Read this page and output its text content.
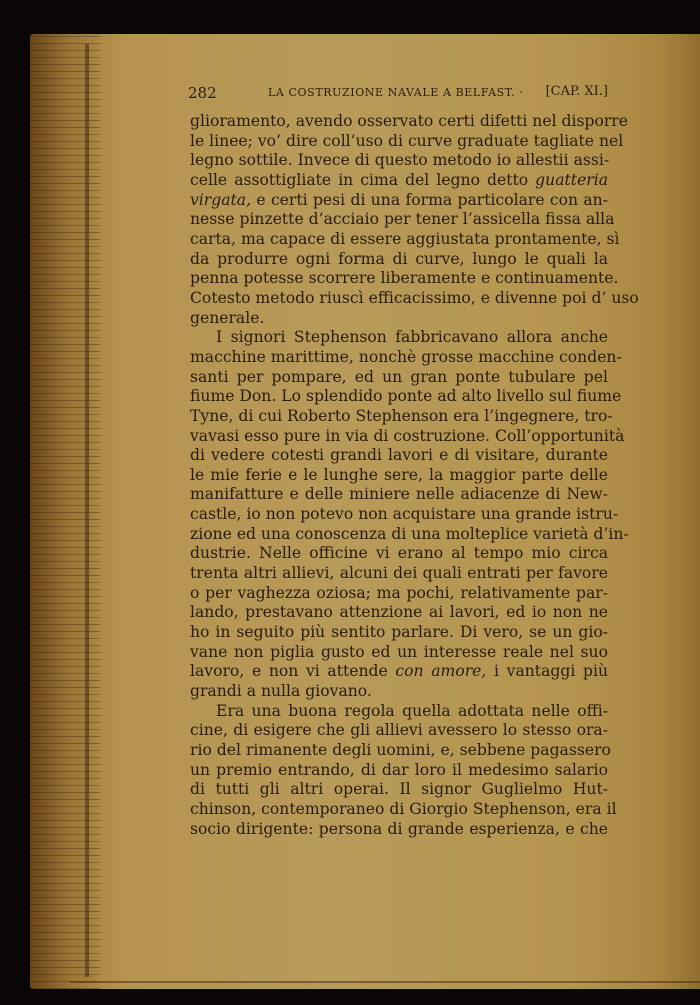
282	LA COSTRUZIONE NAVALE A BELFAST. · [CAP. XI.]
glioramento, avendo osservato certi difetti nel disporre
le linee; vo’ dire coll’uso di curve graduate tagliate nel
legno sottile. Invece di questo metodo io allestii assi-
celle assottigliate in cima del legno detto guatteria
virgata, e certi pesi di una forma particolare con an-
nesse pinzette d’acciaio per tener l’assicella fissa alla
carta, ma capace di essere aggiustata prontamente, sì
da produrre ogni forma di curve, lungo le quali la
penna potesse scorrere liberamente e continuamente.
Cotesto metodo riuscì efficacissimo, e divenne poi d’ uso
generale.
I signori Stephenson fabbricavano allora anche
macchine marittime, nonchè grosse macchine conden-
santi per pompare, ed un gran ponte tubulare pel
fiume Don. Lo splendido ponte ad alto livello sul fiume
Tyne, di cui Roberto Stephenson era l’ingegnere, tro-
vavasi esso pure in via di costruzione. Coll’opportunità
di vedere cotesti grandi lavori e di visitare, durante
le mie ferie e le lunghe sere, la maggior parte delle
manifatture e delle miniere nelle adiacenze di New-
castle, io non potevo non acquistare una grande istru-
zione ed una conoscenza di una molteplice varietà d’in-
dustrie. Nelle officine vi erano al tempo mio circa
trenta altri allievi, alcuni dei quali entrati per favore
o per vaghezza oziosa; ma pochi, relativamente par-
lando, prestavano attenzione ai lavori, ed io non ne
ho in seguito più sentito parlare. Di vero, se un gio-
vane non piglia gusto ed un interesse reale nel suo
lavoro, e non vi attende con amore, i vantaggi più
grandi a nulla giovano.
Era una buona regola quella adottata nelle offi-
cine, di esigere che gli allievi avessero lo stesso ora-
rio del rimanente degli uomini, e, sebbene pagassero
un premio entrando, di dar loro il medesimo salario
di tutti gli altri operai. Il signor Guglielmo Hut-
chinson, contemporaneo di Giorgio Stephenson, era il
socio dirigente: persona di grande esperienza, e che
